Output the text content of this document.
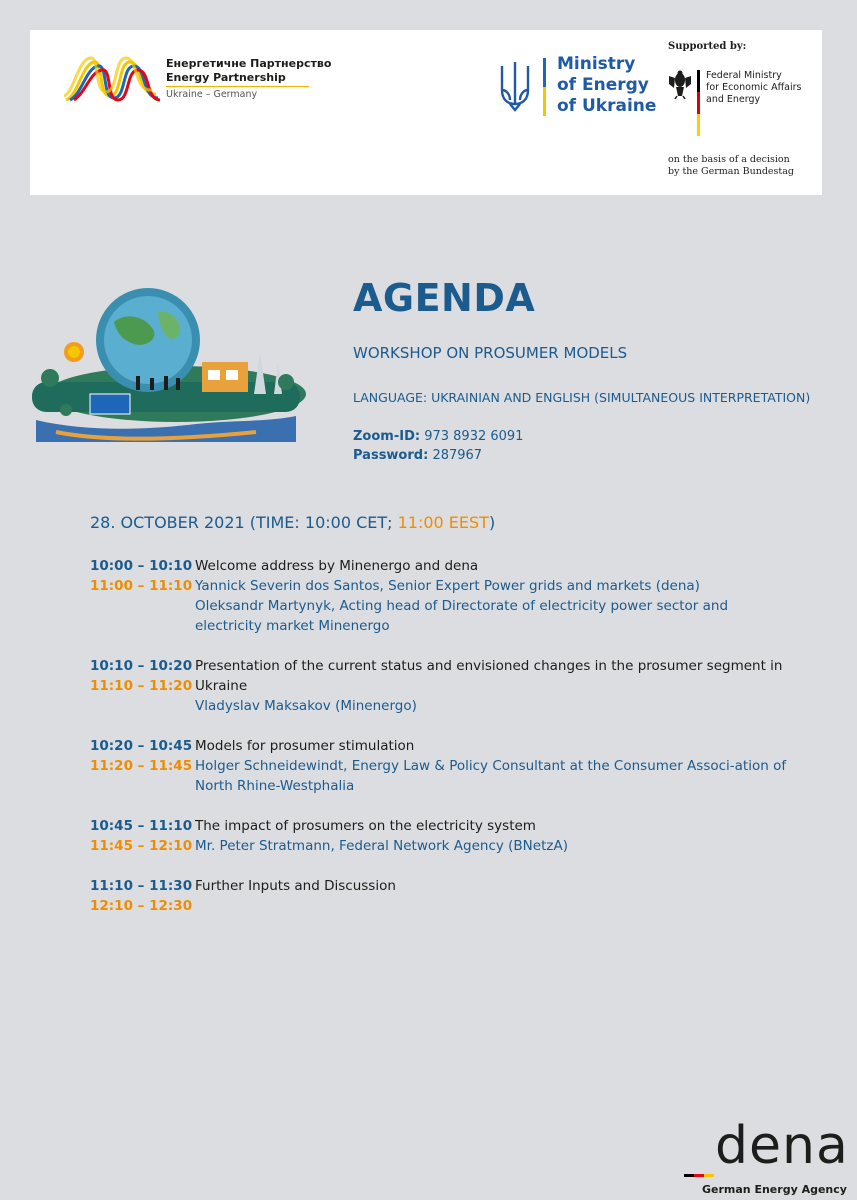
Енергетичне Партнерство
Energy Partnership
Ukraine – Germany
Ministry
of Energy
of Ukraine
Supported by:
Federal Ministry
for Economic Affairs
and Energy
on the basis of a decision
by the German Bundestag
AGENDA
WORKSHOP ON PROSUMER MODELS
LANGUAGE: UKRAINIAN AND ENGLISH (SIMULTANEOUS INTERPRETATION)
Zoom-ID: 973 8932 6091
Password: 287967
28. OCTOBER 2021 (TIME: 10:00 CET; 11:00 EEST)
10:00 – 10:10
11:00 – 11:10
Welcome address by Minenergo and dena
Yannick Severin dos Santos, Senior Expert Power grids and markets (dena)
Oleksandr Martynyk, Acting head of Directorate of electricity power sector and electricity market Minenergo
10:10 – 10:20
11:10 – 11:20
Presentation of the current status and envisioned changes in the prosumer segment in Ukraine
Vladyslav Maksakov (Minenergo)
10:20 – 10:45
11:20 – 11:45
Models for prosumer stimulation
Holger Schneidewindt, Energy Law & Policy Consultant at the Consumer Associ-ation of North Rhine-Westphalia
10:45 – 11:10
11:45 – 12:10
The impact of prosumers on the electricity system
Mr. Peter Stratmann, Federal Network Agency (BNetzA)
11:10 – 11:30
12:10 – 12:30
Further Inputs and Discussion
dena
German Energy Agency
